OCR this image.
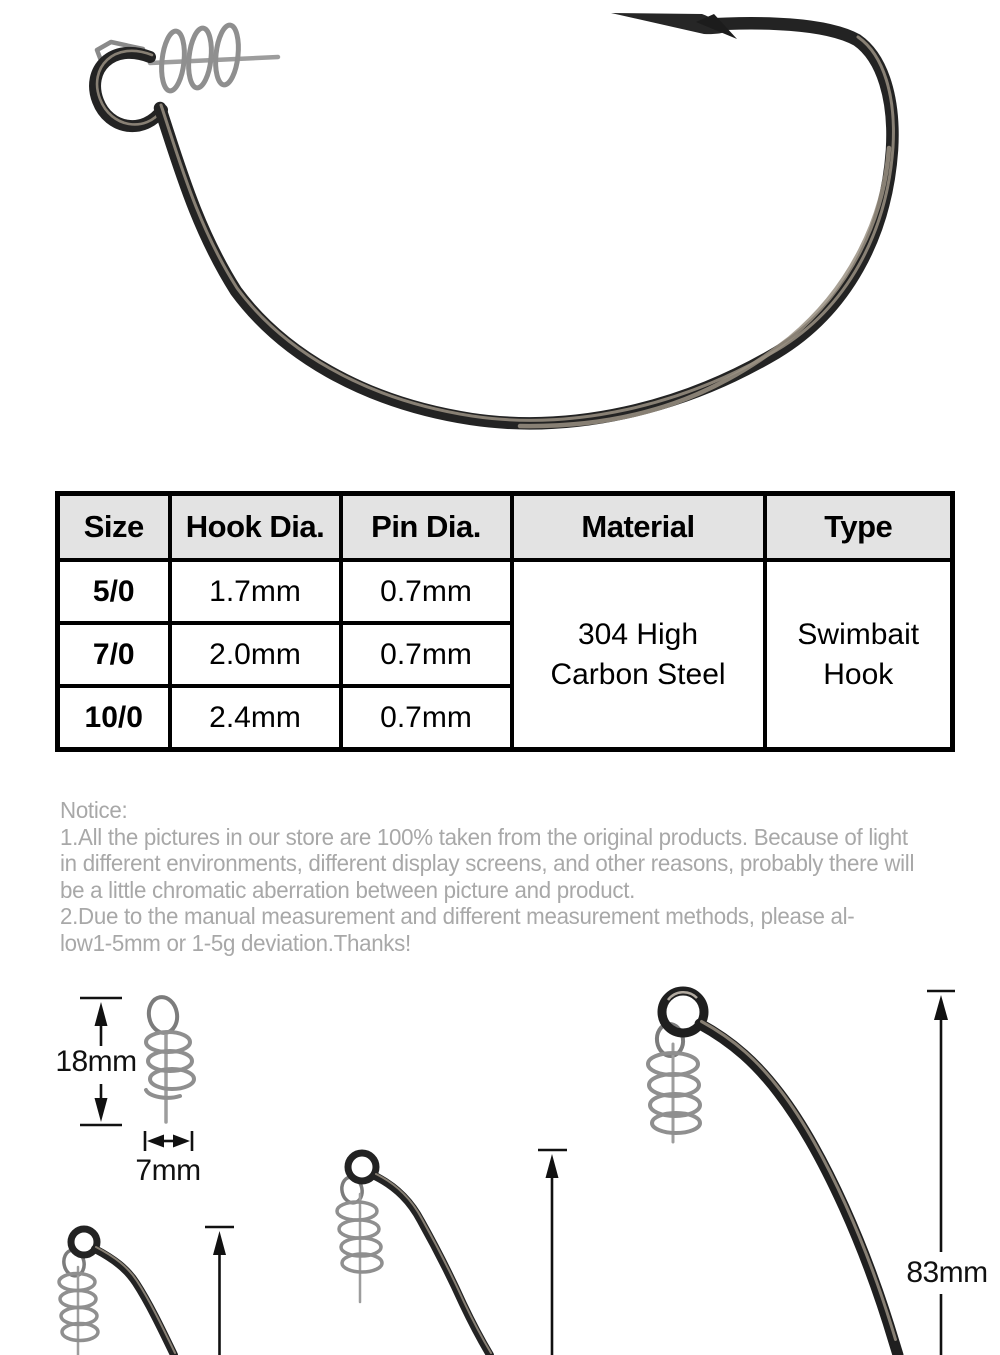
Size	Hook Dia.	Pin Dia.	Material	Type
5/0	1.7mm	0.7mm	304 High Carbon Steel	Swimbait Hook

7/0	2.0mm	0.7mm		
10/0	2.4mm	0.7mm		
Notice:
1.All the pictures in our store are 100% taken from the original products. Because of light
in different environments, different display screens, and other reasons, probably there will
be a little chromatic aberration between picture and product.
2.Due to the manual measurement and different measurement methods, please al-
low1-5mm or 1-5g deviation.Thanks!
18mm
7mm
83mm
